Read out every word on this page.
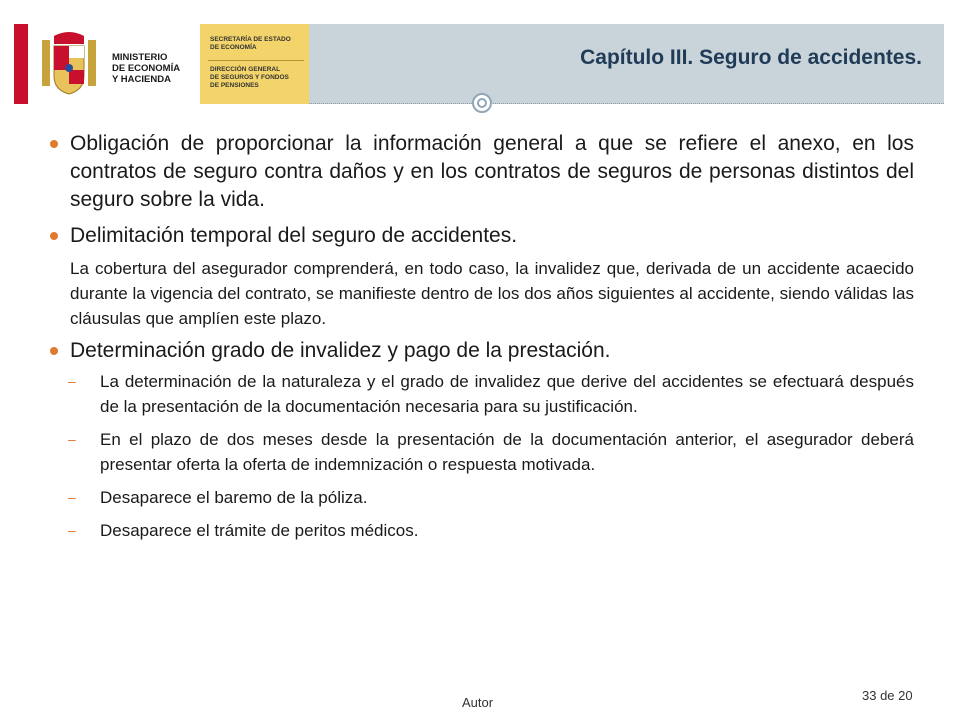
MINISTERIO
DE ECONOMÍA
Y HACIENDA
SECRETARÍA DE ESTADO
DE ECONOMÍA
DIRECCIÓN GENERAL
DE SEGUROS Y FONDOS
DE PENSIONES
Capítulo III. Seguro de accidentes.
Obligación de proporcionar la información general a que se refiere el anexo, en los contratos de seguro contra daños y en los contratos de seguros de personas distintos del seguro sobre la vida.
Delimitación temporal del seguro de accidentes.
La cobertura del asegurador comprenderá, en todo caso, la invalidez que, derivada de un accidente acaecido durante la vigencia del contrato, se manifieste dentro de los dos años siguientes al accidente, siendo válidas las cláusulas que amplíen este plazo.
Determinación grado de invalidez y pago de la prestación.
– La determinación de la naturaleza y el grado de invalidez que derive del accidentes se efectuará después de la presentación de la documentación necesaria para su justificación.
– En el plazo de dos meses desde la presentación de la documentación anterior, el asegurador deberá presentar oferta la oferta de indemnización o respuesta motivada.
– Desaparece el baremo de la póliza.
– Desaparece el trámite de peritos médicos.
Autor	33 de 20
